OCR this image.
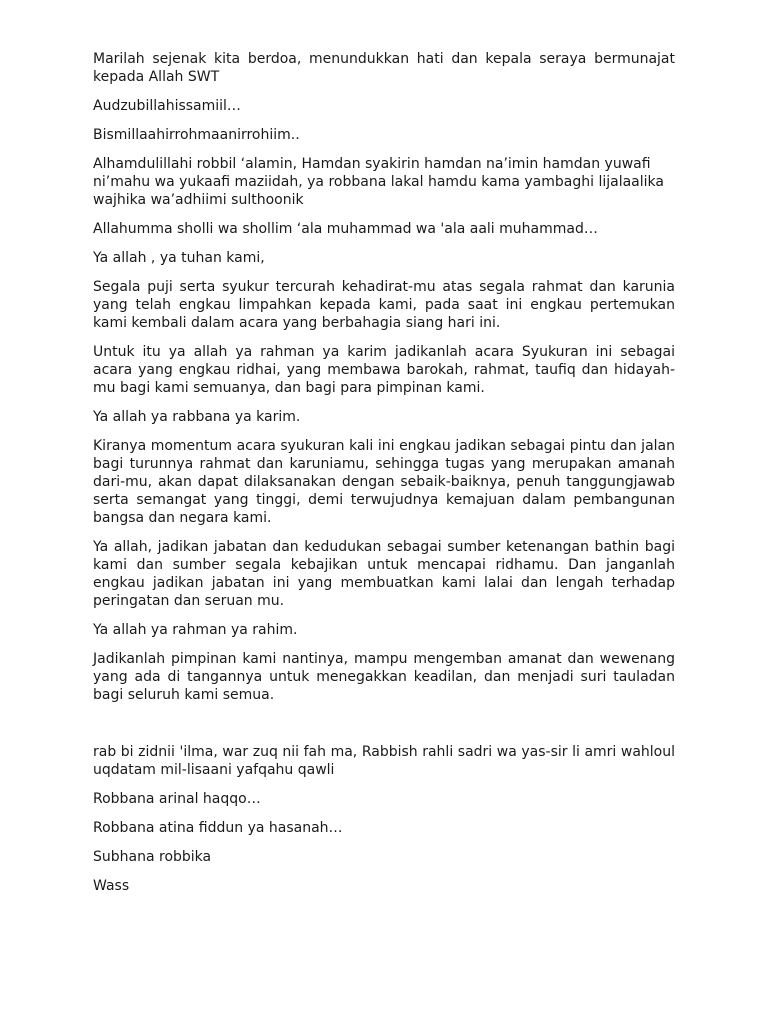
Marilah sejenak kita berdoa, menundukkan hati dan kepala seraya bermunajat kepada Allah SWT

Audzubillahissamiil…

Bismillaahirrohmaanirrohiim..

Alhamdulillahi robbil ‘alamin, Hamdan syakirin hamdan na’imin hamdan yuwafi ni’mahu wa yukaafi maziidah, ya robbana lakal hamdu kama yambaghi lijalaalika wajhika wa’adhiimi sulthoonik

Allahumma sholli wa shollim ‘ala muhammad wa 'ala aali muhammad…

Ya allah , ya tuhan kami,

Segala puji serta syukur tercurah kehadirat-mu atas segala rahmat dan karunia yang telah engkau limpahkan kepada kami, pada saat ini engkau pertemukan kami kembali dalam acara yang berbahagia siang hari ini.

Untuk itu ya allah ya rahman ya karim jadikanlah acara Syukuran ini sebagai acara yang engkau ridhai, yang membawa barokah, rahmat, taufiq dan hidayah-mu bagi kami semuanya, dan bagi para pimpinan kami.

Ya allah ya rabbana ya karim.

Kiranya momentum acara syukuran kali ini engkau jadikan sebagai pintu dan jalan bagi turunnya rahmat dan karuniamu, sehingga tugas yang merupakan amanah dari-mu, akan dapat dilaksanakan dengan sebaik-baiknya, penuh tanggungjawab serta semangat yang tinggi, demi terwujudnya kemajuan dalam pembangunan bangsa dan negara kami.

Ya allah, jadikan jabatan dan kedudukan sebagai sumber ketenangan bathin bagi kami dan sumber segala kebajikan untuk mencapai ridhamu. Dan janganlah engkau jadikan jabatan ini yang membuatkan kami lalai dan lengah terhadap peringatan dan seruan mu.

Ya allah ya rahman ya rahim.

Jadikanlah pimpinan kami nantinya, mampu mengemban amanat dan wewenang yang ada di tangannya untuk menegakkan keadilan, dan menjadi suri tauladan bagi seluruh kami semua.

rab bi zidnii 'ilma, war zuq nii fah ma, Rabbish rahli sadri wa yas-sir li amri wahloul uqdatam mil-lisaani yafqahu qawli

Robbana arinal haqqo…

Robbana atina fiddun ya hasanah…

Subhana robbika

Wass
